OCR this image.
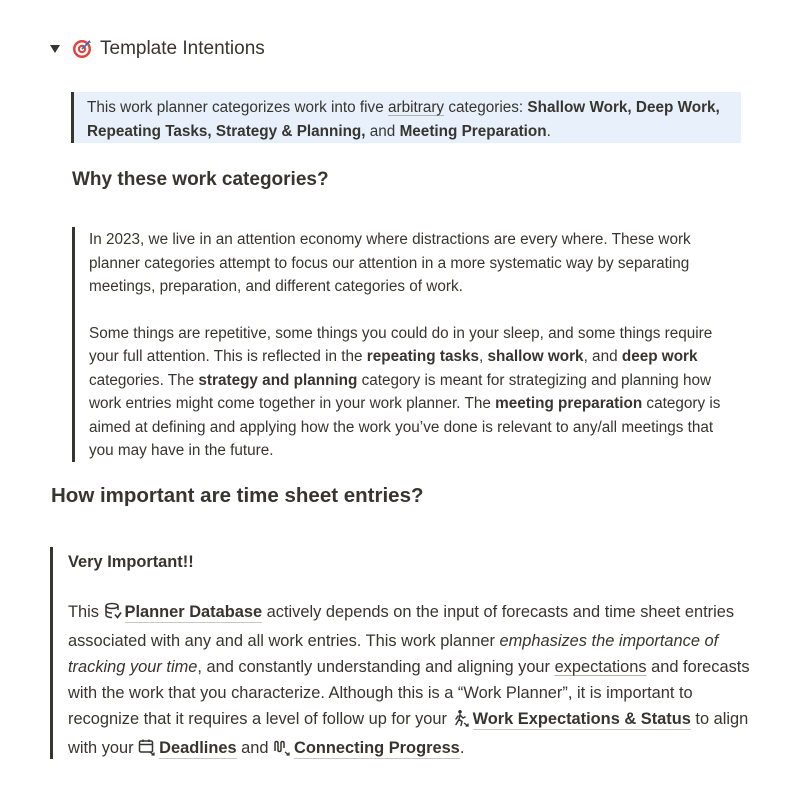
Template Intentions
This work planner categorizes work into five arbitrary categories: Shallow Work, Deep Work,
Repeating Tasks, Strategy & Planning, and Meeting Preparation.
Why these work categories?

In 2023, we live in an attention economy where distractions are every where. These work planner categories attempt to focus our attention in a more systematic way by separating meetings, preparation, and different categories of work.

Some things are repetitive, some things you could do in your sleep, and some things require your full attention. This is reflected in the repeating tasks, shallow work, and deep work categories. The strategy and planning category is meant for strategizing and planning how work entries might come together in your work planner. The meeting preparation category is aimed at defining and applying how the work you’ve done is relevant to any/all meetings that you may have in the future.

How important are time sheet entries?

Very Important!!

This Planner Database actively depends on the input of forecasts and time sheet entries associated with any and all work entries. This work planner emphasizes the importance of tracking your time, and constantly understanding and aligning your expectations and forecasts with the work that you characterize. Although this is a “Work Planner”, it is important to recognize that it requires a level of follow up for your Work Expectations & Status to align with your Deadlines and Connecting Progress.
